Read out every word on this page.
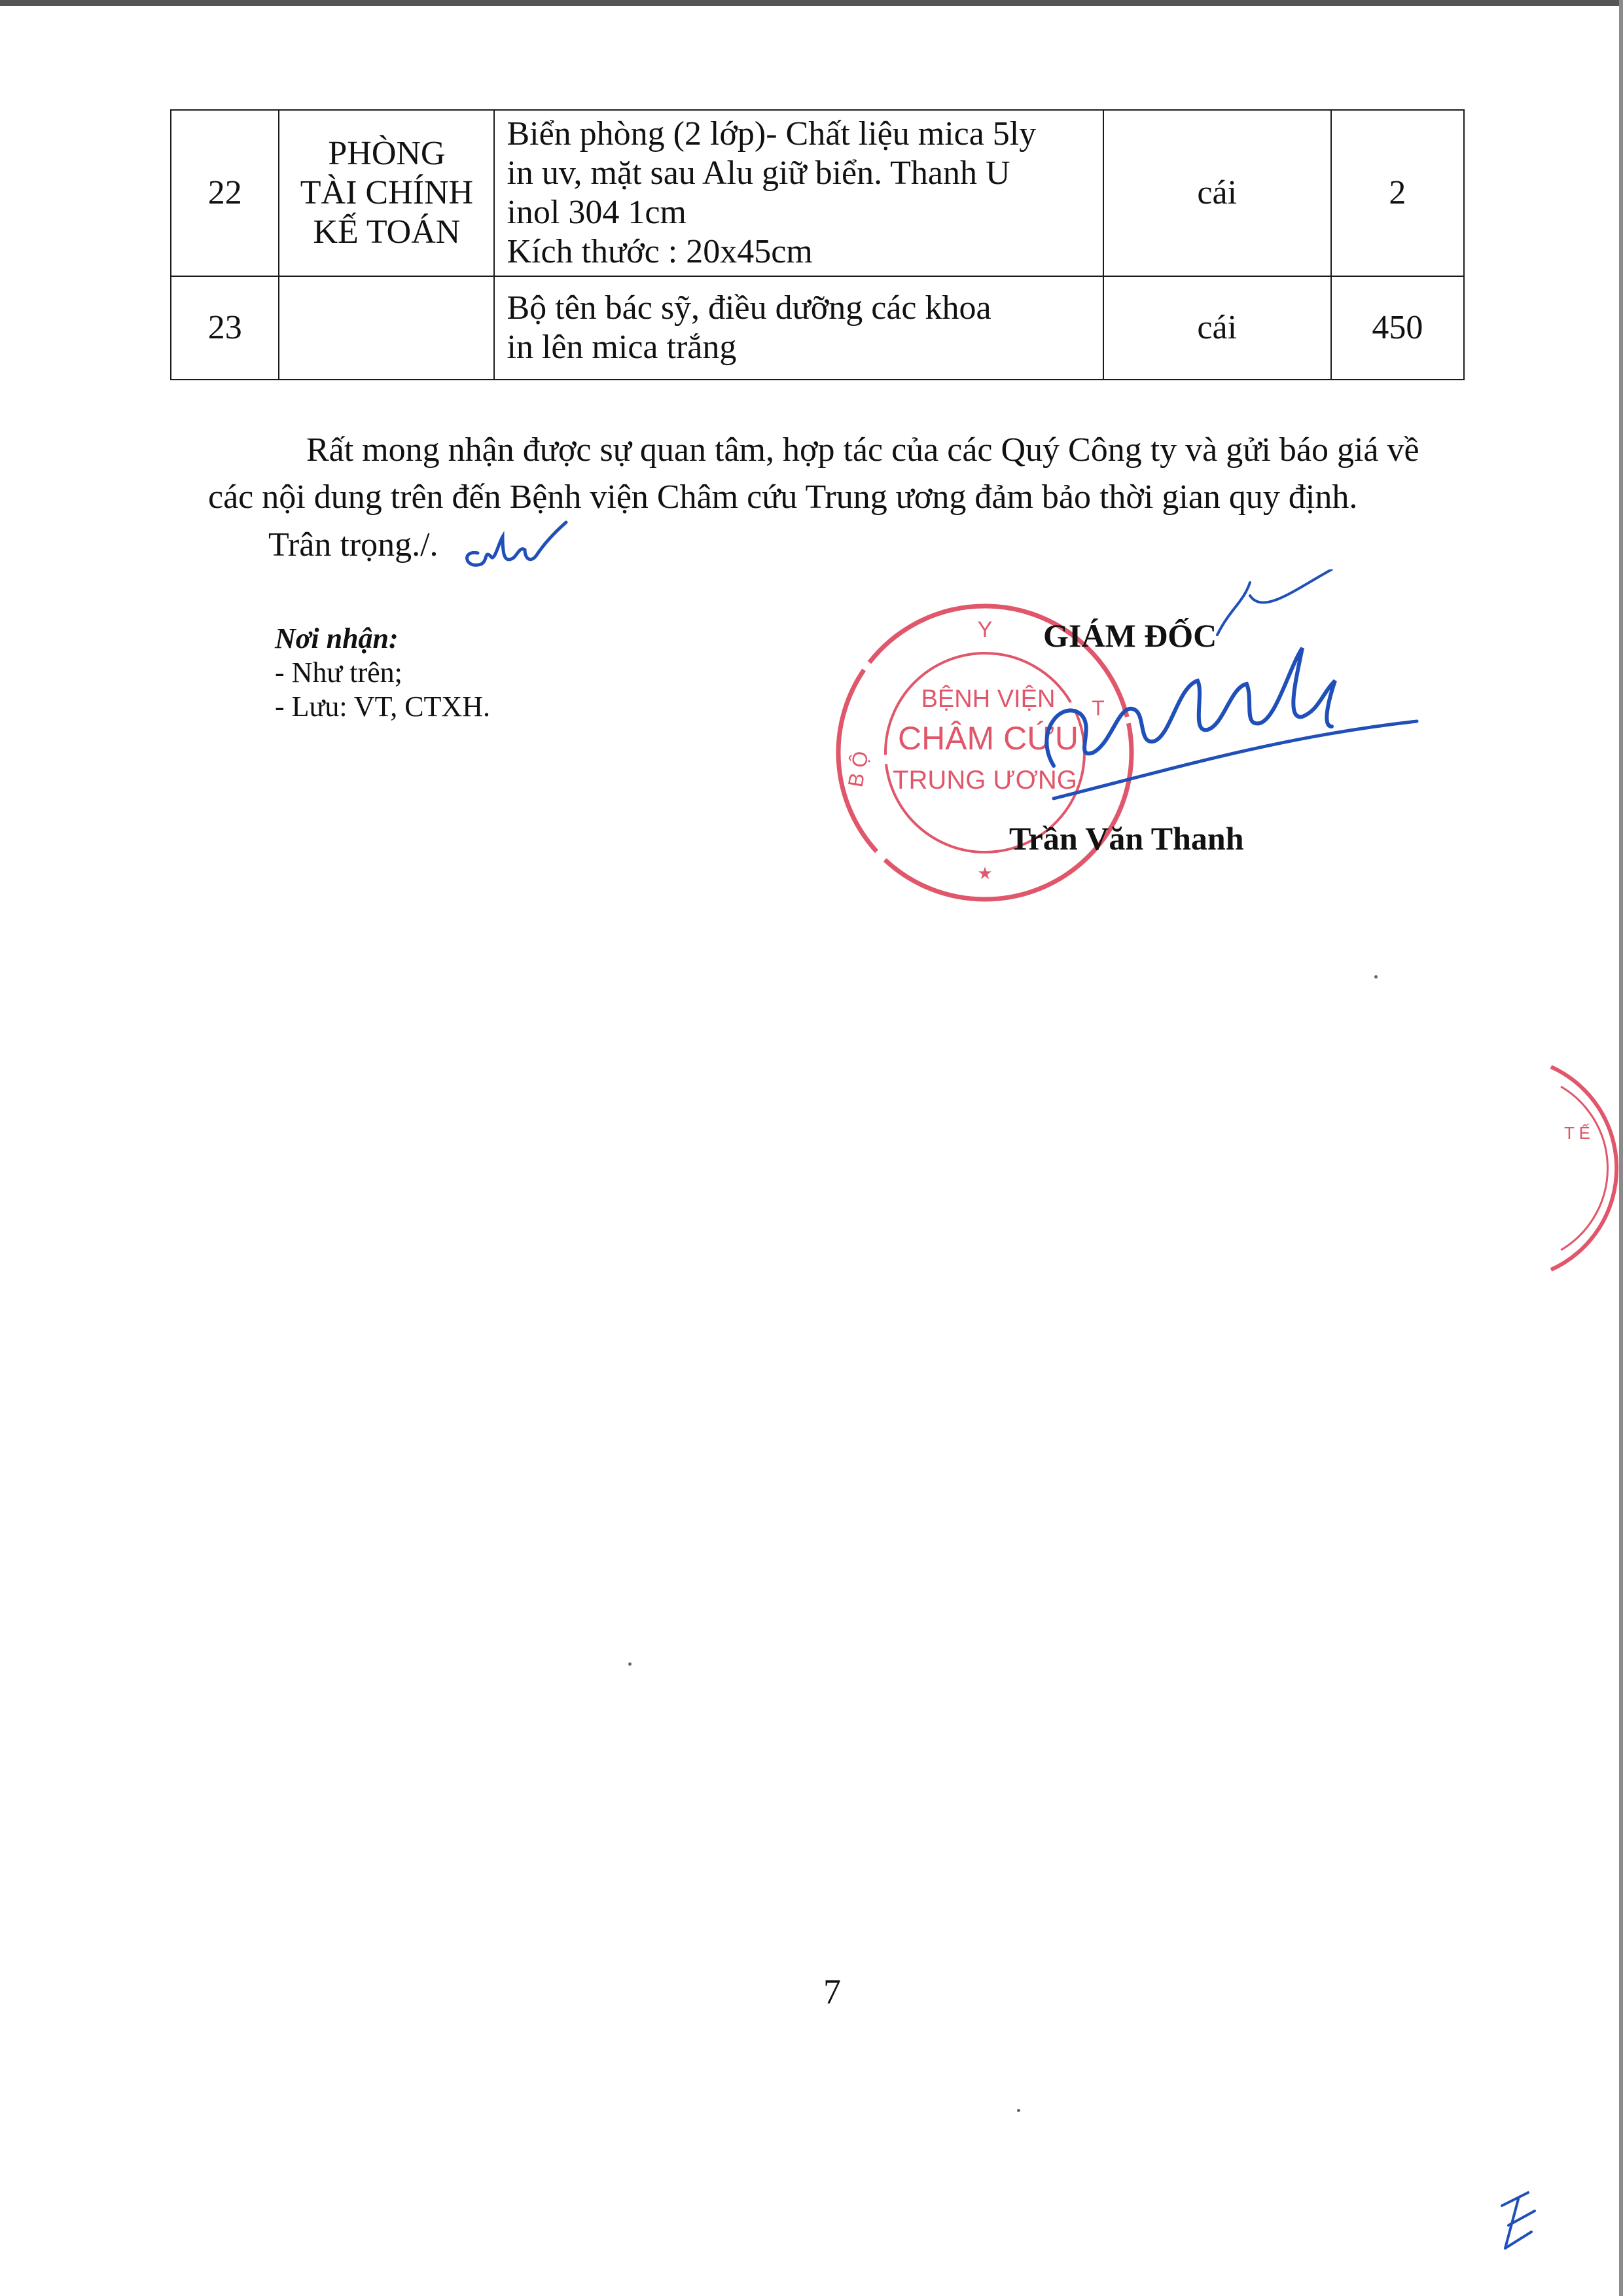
22	PHÒNG
TÀI CHÍNH
KẾ TOÁN	Biển phòng (2 lớp)- Chất liệu mica 5ly
in uv, mặt sau Alu giữ biển. Thanh U
inol 304 1cm
Kích thước : 20x45cm	cái	2
23		Bộ tên bác sỹ, điều dưỡng các khoa
in lên mica trắng	cái	450
Rất mong nhận được sự quan tâm, hợp tác của các Quý Công ty và gửi báo giá về
các nội dung trên đến Bệnh viện Châm cứu Trung ương đảm bảo thời gian quy định.
Trân trọng./.
Nơi nhận:
- Như trên;
- Lưu: VT, CTXH.
Y
T
B Ộ
BỆNH VIỆN
CHÂM CỨU
TRUNG ƯƠNG
★
T Ế
GIÁM ĐỐC
Trần Văn Thanh
7
